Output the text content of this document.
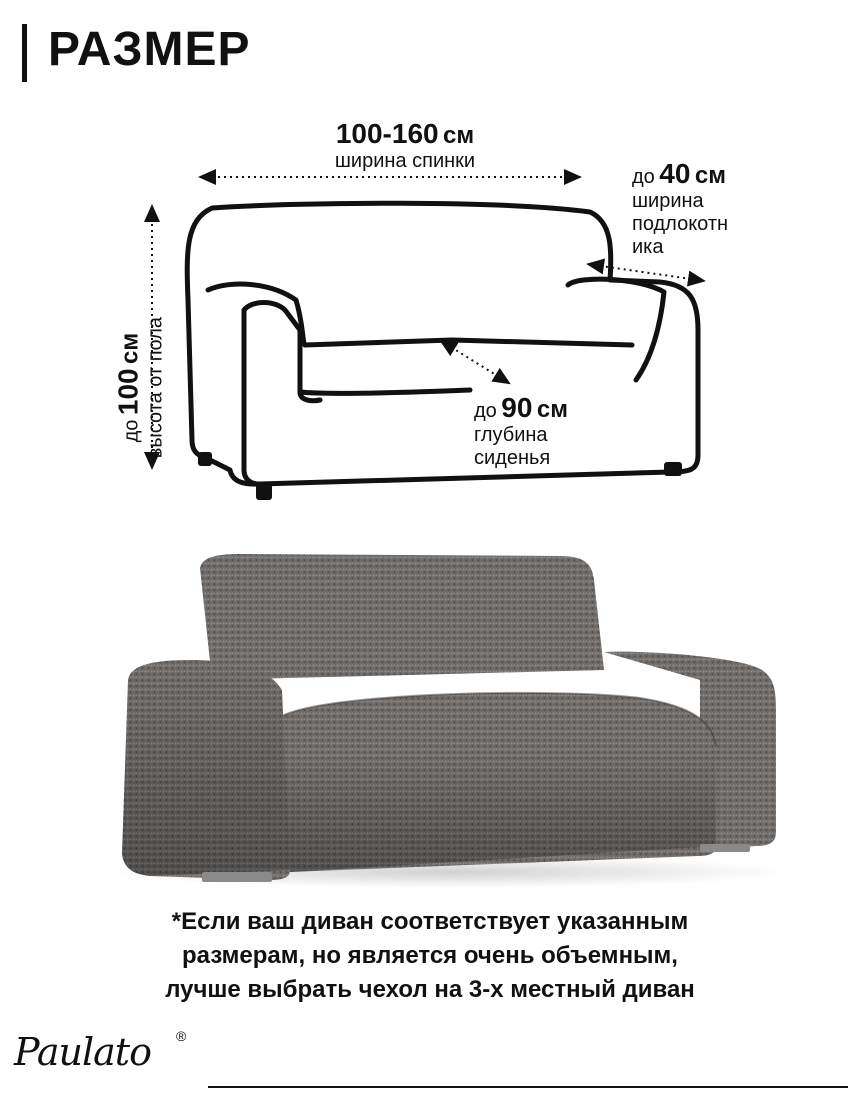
РАЗМЕР
100-160 см
ширина спинки
до 40 см
ширина
подлокотн
ика
до 90 см
глубина
сиденья
до 100 см
высота от пола
*Если ваш диван соответствует указанным
размерам, но является очень объемным,
лучше выбрать чехол на 3-х местный диван
Paulato ®
